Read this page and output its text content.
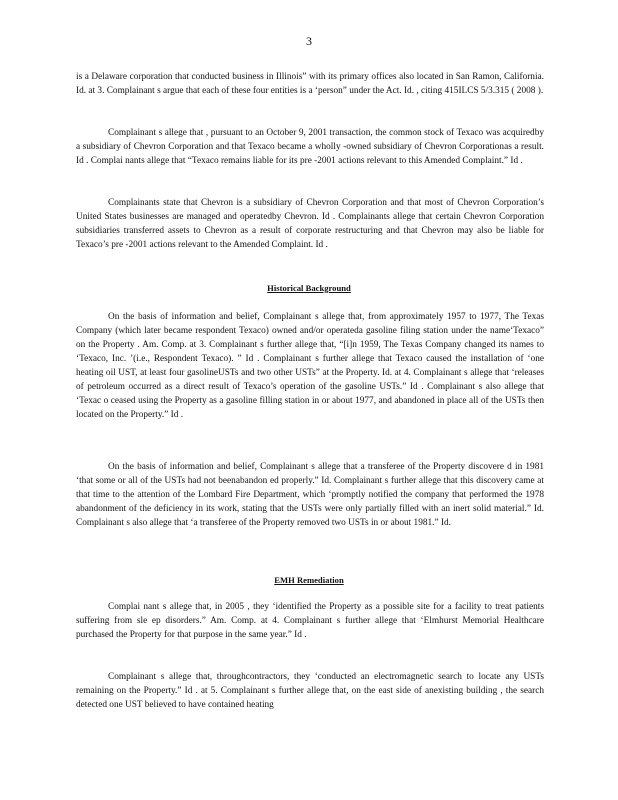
3

is a Delaware corporation that conducted business in Illinois” with its primary offices also located in San Ramon, California. Id. at 3. Complainant s argue that each of these four entities is a ‘person” under the Act. Id. , citing 415ILCS 5/3.315 ( 2008 ).

Complainant s allege that , pursuant to an October 9, 2001 transaction, the common stock of Texaco was acquiredby a subsidiary of Chevron Corporation and that Texaco became a wholly -owned subsidiary of Chevron Corporationas a result. Id . Complai nants allege that “Texaco remains liable for its pre -2001 actions relevant to this Amended Complaint.” Id .

Complainants state that Chevron is a subsidiary of Chevron Corporation and that most of Chevron Corporation’s United States businesses are managed and operatedby Chevron. Id . Complainants allege that certain Chevron Corporation subsidiaries transferred assets to Chevron as a result of corporate restructuring and that Chevron may also be liable for Texaco’s pre -2001 actions relevant to the Amended Complaint. Id .

Historical Background

On the basis of information and belief, Complainant s allege that, from approximately 1957 to 1977, The Texas Company (which later became respondent Texaco) owned and/or operateda gasoline filing station under the name‘Texaco” on the Property . Am. Comp. at 3. Complainant s further allege that, “[i]n 1959, The Texas Company changed its names to ‘Texaco, Inc. ’(i.e., Respondent Texaco). ” Id . Complainant s further allege that Texaco caused the installation of ‘one heating oil UST, at least four gasolineUSTs and two other USTs” at the Property. Id. at 4. Complainant s allege that ‘releases of petroleum occurred as a direct result of Texaco’s operation of the gasoline USTs.” Id . Complainant s also allege that ‘Texac o ceased using the Property as a gasoline filling station in or about 1977, and abandoned in place all of the USTs then located on the Property.” Id .

On the basis of information and belief, Complainant s allege that a transferee of the Property discovere d in 1981 ‘that some or all of the USTs had not beenabandon ed properly.” Id. Complainant s further allege that this discovery came at that time to the attention of the Lombard Fire Department, which ‘promptly notified the company that performed the 1978 abandonment of the deficiency in its work, stating that the USTs were only partially filled with an inert solid material.” Id. Complainant s also allege that ‘a transferee of the Property removed two USTs in or about 1981.” Id.

EMH Remediation

Complai nant s allege that, in 2005 , they ‘identified the Property as a possible site for a facility to treat patients suffering from sle ep disorders.” Am. Comp. at 4. Complainant s further allege that ‘Elmhurst Memorial Healthcare purchased the Property for that purpose in the same year.” Id .

Complainant s allege that, throughcontractors, they ‘conducted an electromagnetic search to locate any USTs remaining on the Property.” Id . at 5. Complainant s further allege that, on the east side of anexisting building , the search detected one UST believed to have contained heating
